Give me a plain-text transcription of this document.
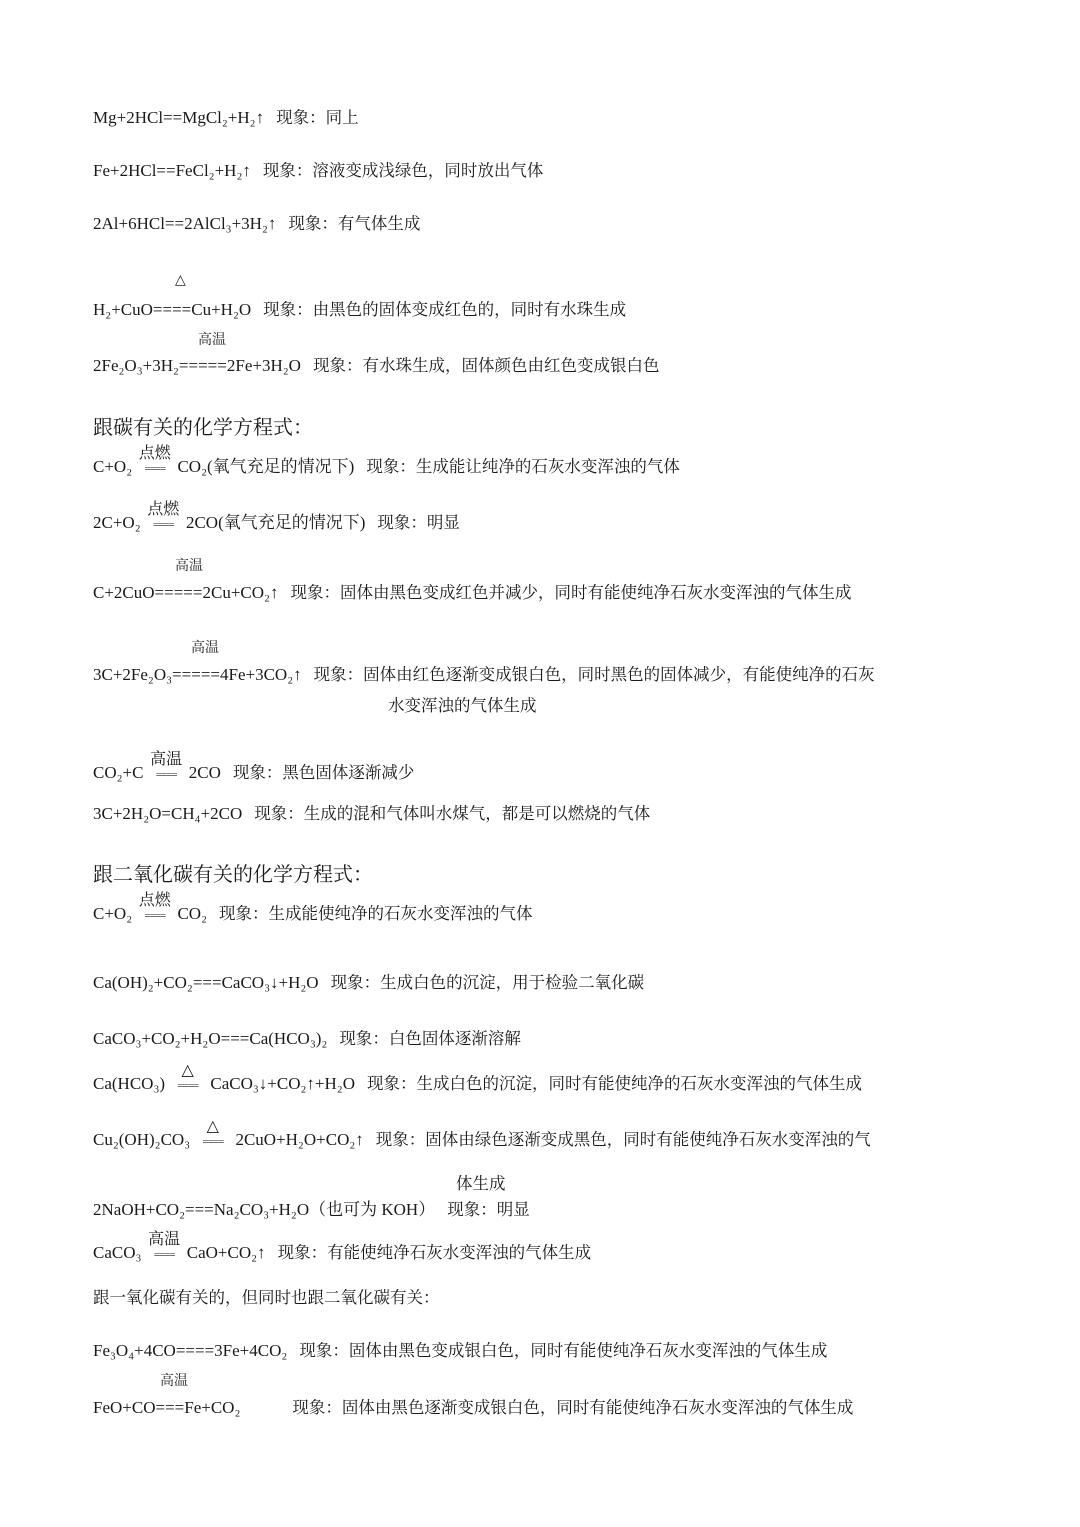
Mg+2HCl==MgCl₂+H₂↑ 现象：同上
Fe+2HCl==FeCl₂+H₂↑ 现象：溶液变成浅绿色，同时放出气体
2Al+6HCl==2AlCl₃+3H₂↑ 现象：有气体生成
△
H₂+CuO====Cu+H₂O 现象：由黑色的固体变成红色的，同时有水珠生成
高温
2Fe₂O₃+3H₂=====2Fe+3H₂O 现象：有水珠生成，固体颜色由红色变成银白色
跟碳有关的化学方程式：
C+O₂
点燃
==== CO₂(氧气充足的情况下) 现象：生成能让纯净的石灰水变浑浊的气体
2C+O₂
点燃
==== 2CO(氧气充足的情况下) 现象：明显
高温
C+2CuO=====2Cu+CO₂↑ 现象：固体由黑色变成红色并减少，同时有能使纯净石灰水变浑浊的气体生成
高温
3C+2Fe₂O₃=====4Fe+3CO₂↑ 现象：固体由红色逐渐变成银白色，同时黑色的固体减少，有能使纯净的石灰
水变浑浊的气体生成
CO₂+C
高温
==== 2CO 现象：黑色固体逐渐减少
3C+2H₂O=CH₄+2CO 现象：生成的混和气体叫水煤气，都是可以燃烧的气体
跟二氧化碳有关的化学方程式：
C+O₂
点燃
==== CO₂ 现象：生成能使纯净的石灰水变浑浊的气体
Ca(OH)₂+CO₂===CaCO₃↓+H₂O 现象：生成白色的沉淀，用于检验二氧化碳
CaCO₃+CO₂+H₂O===Ca(HCO₃)₂ 现象：白色固体逐渐溶解
Ca(HCO₃)
△
==== CaCO₃↓+CO₂↑+H₂O 现象：生成白色的沉淀，同时有能使纯净的石灰水变浑浊的气体生成
Cu₂(OH)₂CO₃
△
==== 2CuO+H₂O+CO₂↑ 现象：固体由绿色逐渐变成黑色，同时有能使纯净石灰水变浑浊的气
体生成
2NaOH+CO₂===Na₂CO₃+H₂O（也可为 KOH） 现象：明显
CaCO₃
高温
==== CaO+CO₂↑ 现象：有能使纯净石灰水变浑浊的气体生成
跟一氧化碳有关的，但同时也跟二氧化碳有关：
Fe₃O₄+4CO====3Fe+4CO₂ 现象：固体由黑色变成银白色，同时有能使纯净石灰水变浑浊的气体生成
高温
FeO+CO===Fe+CO₂	现象：固体由黑色逐渐变成银白色，同时有能使纯净石灰水变浑浊的气体生成
